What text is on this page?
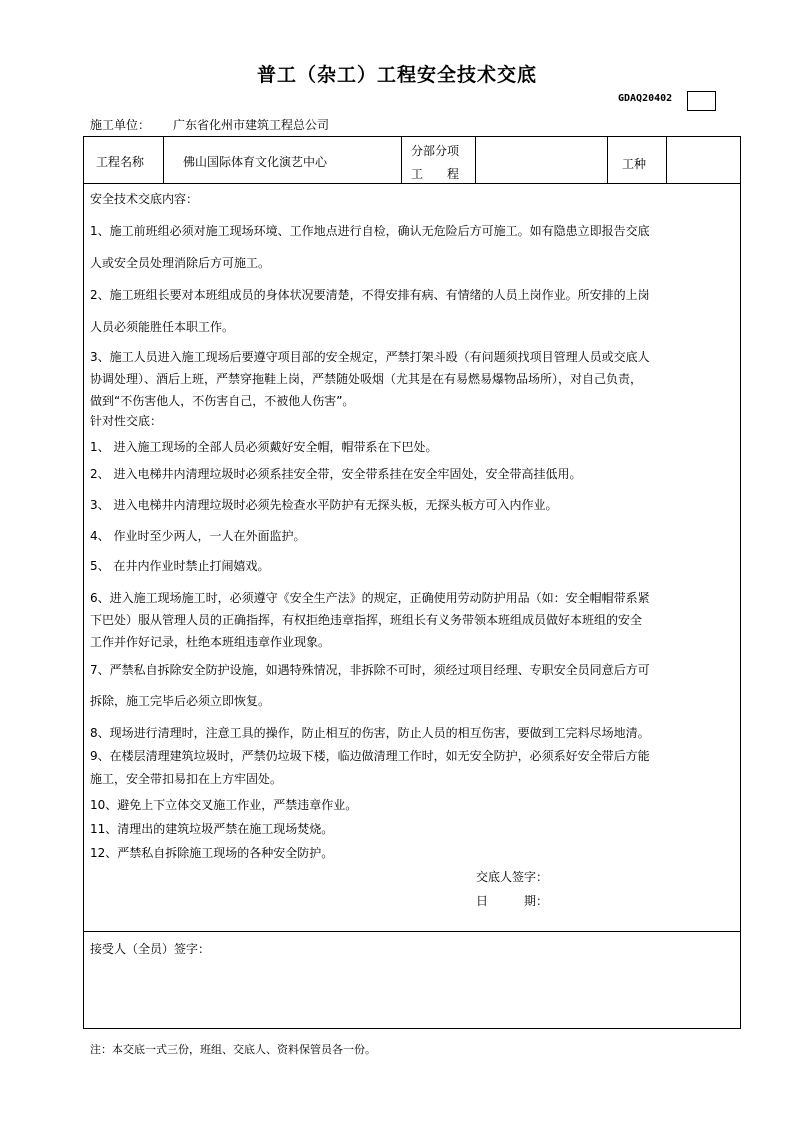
普工（杂工）工程安全技术交底
GDAQ20402
施工单位： 广东省化州市建筑工程总公司
工程名称	佛山国际体育文化演艺中心
分部分项
工　　程
工种
安全技术交底内容：
1、施工前班组必须对施工现场环境、工作地点进行自检，确认无危险后方可施工。如有隐患立即报告交底
人或安全员处理消除后方可施工。
2、施工班组长要对本班组成员的身体状况要清楚，不得安排有病、有情绪的人员上岗作业。所安排的上岗
人员必须能胜任本职工作。
3、施工人员进入施工现场后要遵守项目部的安全规定，严禁打架斗殴（有问题须找项目管理人员或交底人
协调处理）、酒后上班，严禁穿拖鞋上岗，严禁随处吸烟（尤其是在有易燃易爆物品场所），对自己负责，
做到“不伤害他人，不伤害自己，不被他人伤害”。
针对性交底：
1、 进入施工现场的全部人员必须戴好安全帽，帽带系在下巴处。
2、 进入电梯井内清理垃圾时必须系挂安全带，安全带系挂在安全牢固处，安全带高挂低用。
3、 进入电梯井内清理垃圾时必须先检查水平防护有无探头板，无探头板方可入内作业。
4、 作业时至少两人，一人在外面监护。
5、 在井内作业时禁止打闹嬉戏。
6、进入施工现场施工时，必须遵守《安全生产法》的规定，正确使用劳动防护用品（如：安全帽帽带系紧
下巴处）服从管理人员的正确指挥，有权拒绝违章指挥，班组长有义务带领本班组成员做好本班组的安全
工作并作好记录，杜绝本班组违章作业现象。
7、严禁私自拆除安全防护设施，如遇特殊情况，非拆除不可时，须经过项目经理、专职安全员同意后方可
拆除，施工完毕后必须立即恢复。
8、现场进行清理时，注意工具的操作，防止相互的伤害，防止人员的相互伤害，要做到工完料尽场地清。
9、在楼层清理建筑垃圾时，严禁仍垃圾下楼，临边做清理工作时，如无安全防护，必须系好安全带后方能
施工，安全带扣易扣在上方牢固处。
10、避免上下立体交叉施工作业，严禁违章作业。
11、清理出的建筑垃圾严禁在施工现场焚烧。
12、严禁私自拆除施工现场的各种安全防护。
交底人签字：
日　　　期：
接受人（全员）签字：
注：本交底一式三份，班组、交底人、资料保管员各一份。
